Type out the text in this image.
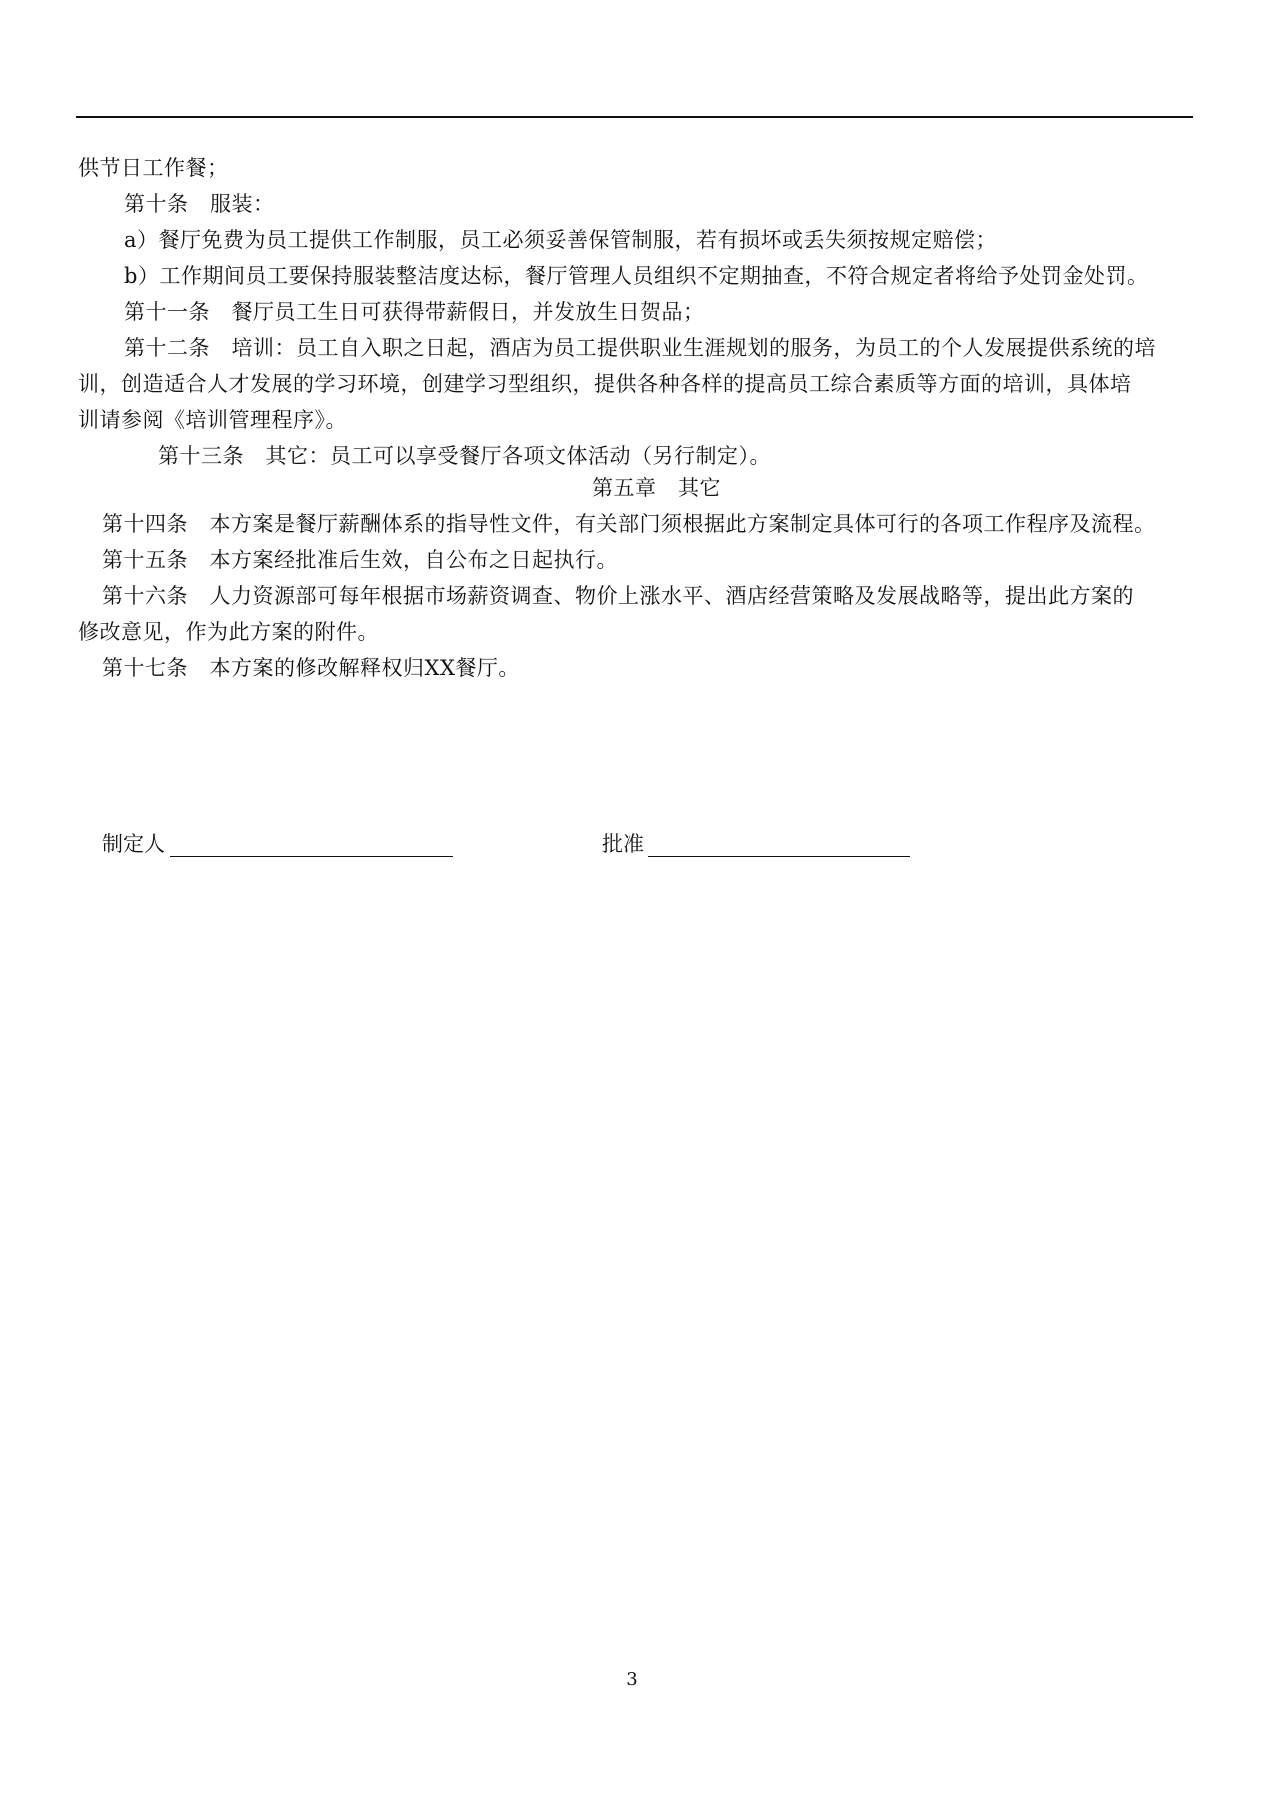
供节日工作餐；
第十条　服装：
a）餐厅免费为员工提供工作制服，员工必须妥善保管制服，若有损坏或丢失须按规定赔偿；
b）工作期间员工要保持服装整洁度达标，餐厅管理人员组织不定期抽查，不符合规定者将给予处罚金处罚。
第十一条　餐厅员工生日可获得带薪假日，并发放生日贺品；
第十二条　培训：员工自入职之日起，酒店为员工提供职业生涯规划的服务，为员工的个人发展提供系统的培
训，创造适合人才发展的学习环境，创建学习型组织，提供各种各样的提高员工综合素质等方面的培训，具体培
训请参阅《培训管理程序》。
第十三条　其它：员工可以享受餐厅各项文体活动（另行制定）。
第五章　其它
第十四条　本方案是餐厅薪酬体系的指导性文件，有关部门须根据此方案制定具体可行的各项工作程序及流程。
第十五条　本方案经批准后生效，自公布之日起执行。
第十六条　人力资源部可每年根据市场薪资调查、物价上涨水平、酒店经营策略及发展战略等，提出此方案的
修改意见，作为此方案的附件。
第十七条　本方案的修改解释权归XX餐厅。
制定人	批准
3
